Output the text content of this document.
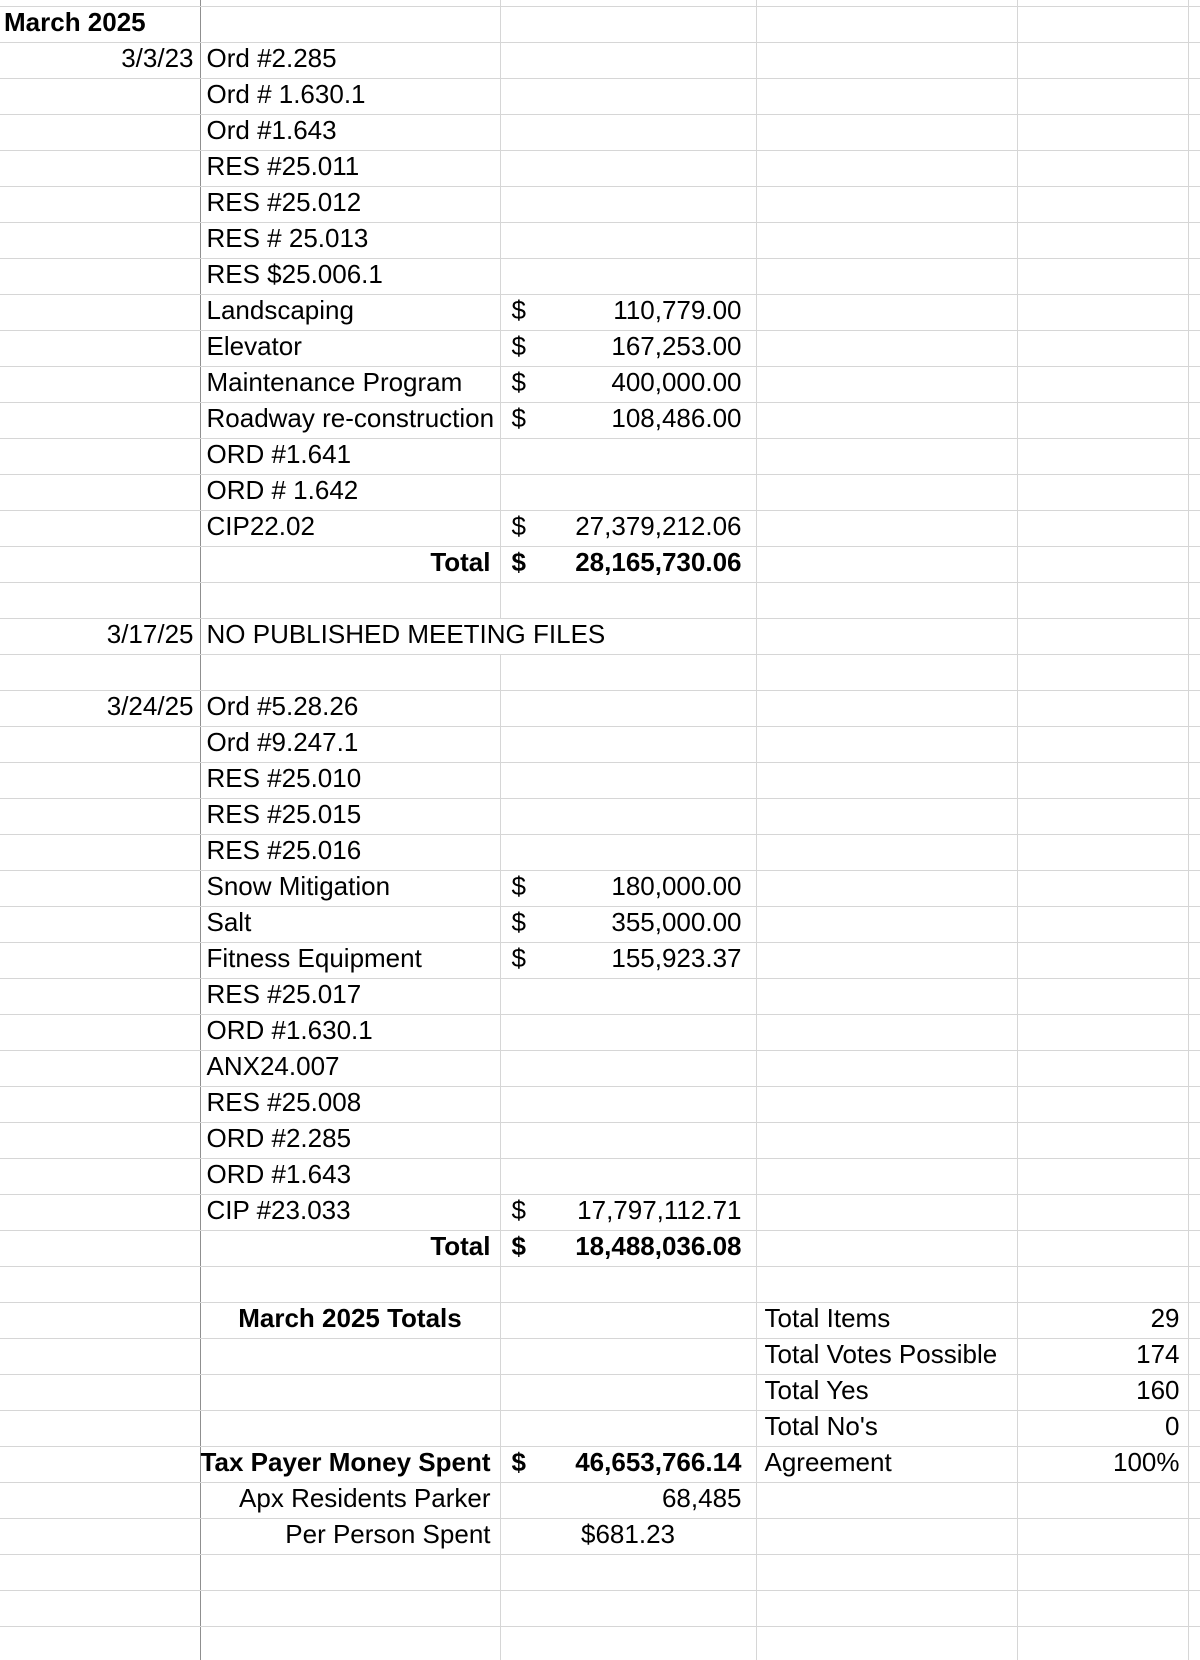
March 2025					
3/3/23	Ord #2.285				
	Ord # 1.630.1				
	Ord #1.643				
	RES #25.011				
	RES #25.012				
	RES # 25.013				
	RES $25.006.1				
	Landscaping	$ 110,779.00			

	Elevator	$ 167,253.00			

	Maintenance Program	$ 400,000.00			

	Roadway re-construction	$ 108,486.00			

	ORD #1.641				
	ORD # 1.642				
	CIP22.02	$ 27,379,212.06			

	Total	$ 28,165,730.06			

3/17/25	NO PUBLISHED MEETING FILES				

3/24/25	Ord #5.28.26				
	Ord #9.247.1				
	RES #25.010				
	RES #25.015				
	RES #25.016				
	Snow Mitigation	$ 180,000.00			

	Salt	$ 355,000.00			

	Fitness Equipment	$ 155,923.37			

	RES #25.017				
	ORD #1.630.1				
	ANX24.007				
	RES #25.008				
	ORD #2.285				
	ORD #1.643				
	CIP #23.033	$ 17,797,112.71			

	Total	$ 18,488,036.08			

	March 2025 Totals		Total Items	29	
			Total Votes Possible	174	
			Total Yes	160	
			Total No's	0	
	Tax Payer Money Spent	$ 46,653,766.14	Agreement	100%	
	Apx Residents Parker	68,485			
	Per Person Spent	$681.23			
